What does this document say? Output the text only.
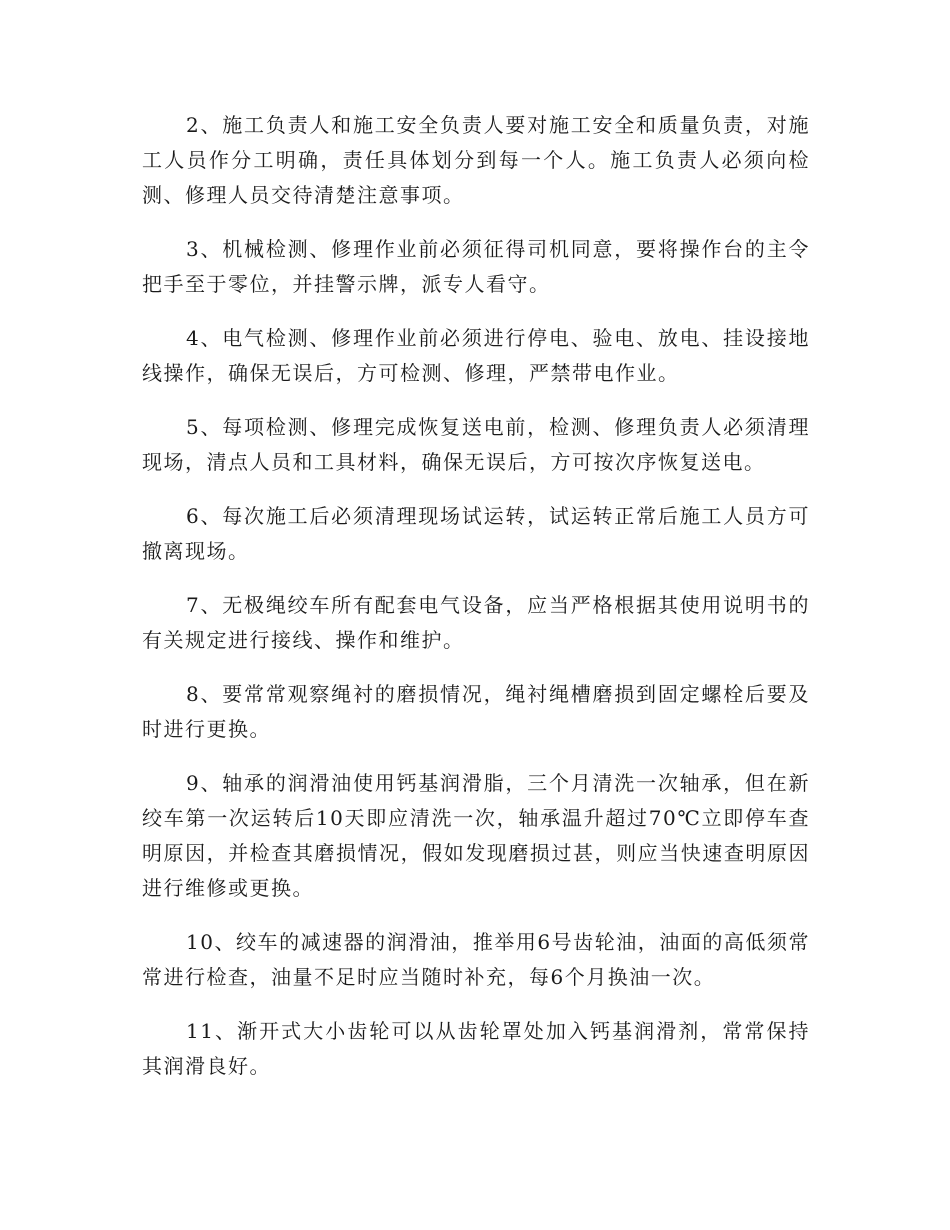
2、施工负责人和施工安全负责人要对施工安全和质量负责，对施工人员作分工明确，责任具体划分到每一个人。施工负责人必须向检测、修理人员交待清楚注意事项。

3、机械检测、修理作业前必须征得司机同意，要将操作台的主令把手至于零位，并挂警示牌，派专人看守。

4、电气检测、修理作业前必须进行停电、验电、放电、挂设接地线操作，确保无误后，方可检测、修理，严禁带电作业。

5、每项检测、修理完成恢复送电前，检测、修理负责人必须清理现场，清点人员和工具材料，确保无误后，方可按次序恢复送电。

6、每次施工后必须清理现场试运转，试运转正常后施工人员方可撤离现场。

7、无极绳绞车所有配套电气设备，应当严格根据其使用说明书的有关规定进行接线、操作和维护。

8、要常常观察绳衬的磨损情况，绳衬绳槽磨损到固定螺栓后要及时进行更换。

9、轴承的润滑油使用钙基润滑脂，三个月清洗一次轴承，但在新绞车第一次运转后10天即应清洗一次，轴承温升超过70℃立即停车查明原因，并检查其磨损情况，假如发现磨损过甚，则应当快速查明原因进行维修或更换。

10、绞车的减速器的润滑油，推举用6号齿轮油，油面的高低须常常进行检查，油量不足时应当随时补充，每6个月换油一次。

11、渐开式大小齿轮可以从齿轮罩处加入钙基润滑剂，常常保持其润滑良好。
